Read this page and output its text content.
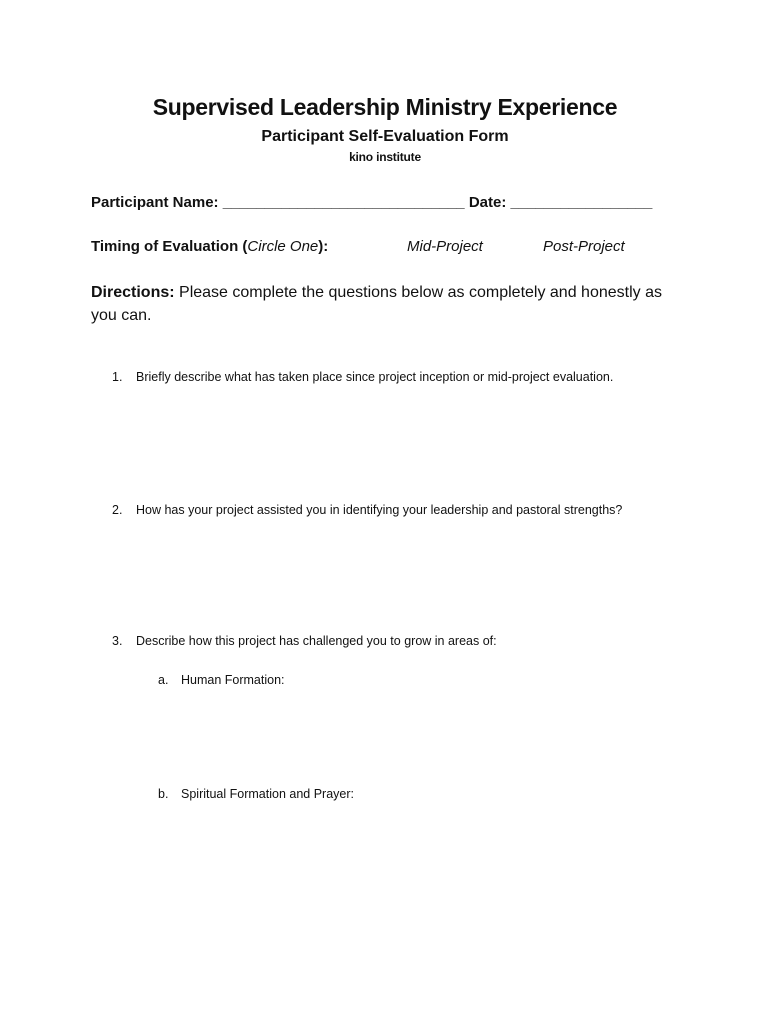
Supervised Leadership Ministry Experience
Participant Self-Evaluation Form
kino institute
Participant Name: _____________________________ Date: _________________
Timing of Evaluation (Circle One):	Mid-Project	Post-Project
Directions: Please complete the questions below as completely and honestly as you can.
1. Briefly describe what has taken place since project inception or mid-project evaluation.
2. How has your project assisted you in identifying your leadership and pastoral strengths?
3. Describe how this project has challenged you to grow in areas of:
a. Human Formation:
b. Spiritual Formation and Prayer:
